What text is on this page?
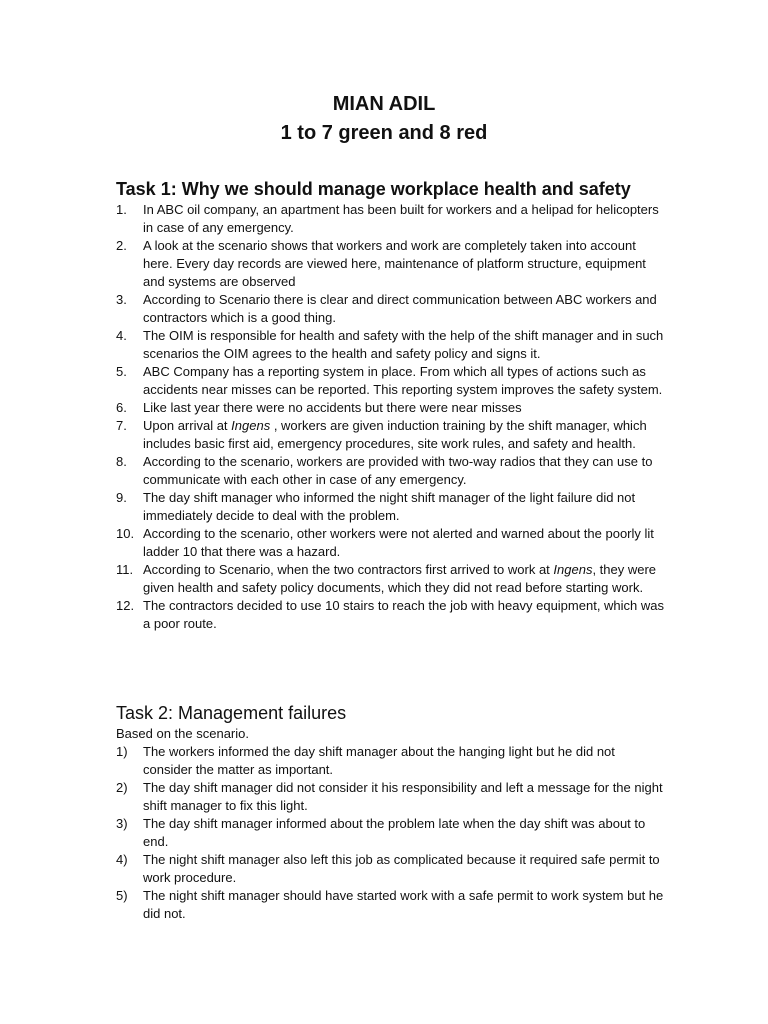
MIAN ADIL
1 to 7 green and 8 red
Task 1: Why we should manage workplace health and safety
1. In ABC oil company, an apartment has been built for workers and a helipad for helicopters in case of any emergency.
2. A look at the scenario shows that workers and work are completely taken into account here. Every day records are viewed here, maintenance of platform structure, equipment and systems are observed
3. According to Scenario there is clear and direct communication between ABC workers and contractors which is a good thing.
4. The OIM is responsible for health and safety with the help of the shift manager and in such scenarios the OIM agrees to the health and safety policy and signs it.
5. ABC Company has a reporting system in place. From which all types of actions such as accidents near misses can be reported. This reporting system improves the safety system.
6. Like last year there were no accidents but there were near misses
7. Upon arrival at Ingens , workers are given induction training by the shift manager, which includes basic first aid, emergency procedures, site work rules, and safety and health.
8. According to the scenario, workers are provided with two-way radios that they can use to communicate with each other in case of any emergency.
9. The day shift manager who informed the night shift manager of the light failure did not immediately decide to deal with the problem.
10. According to the scenario, other workers were not alerted and warned about the poorly lit ladder 10 that there was a hazard.
11. According to Scenario, when the two contractors first arrived to work at Ingens, they were given health and safety policy documents, which they did not read before starting work.
12. The contractors decided to use 10 stairs to reach the job with heavy equipment, which was a poor route.
Task 2: Management failures

Based on the scenario.

1) The workers informed the day shift manager about the hanging light but he did not consider the matter as important.
2) The day shift manager did not consider it his responsibility and left a message for the night shift manager to fix this light.
3) The day shift manager informed about the problem late when the day shift was about to end.
4) The night shift manager also left this job as complicated because it required safe permit to work procedure.
5) The night shift manager should have started work with a safe permit to work system but he did not.
